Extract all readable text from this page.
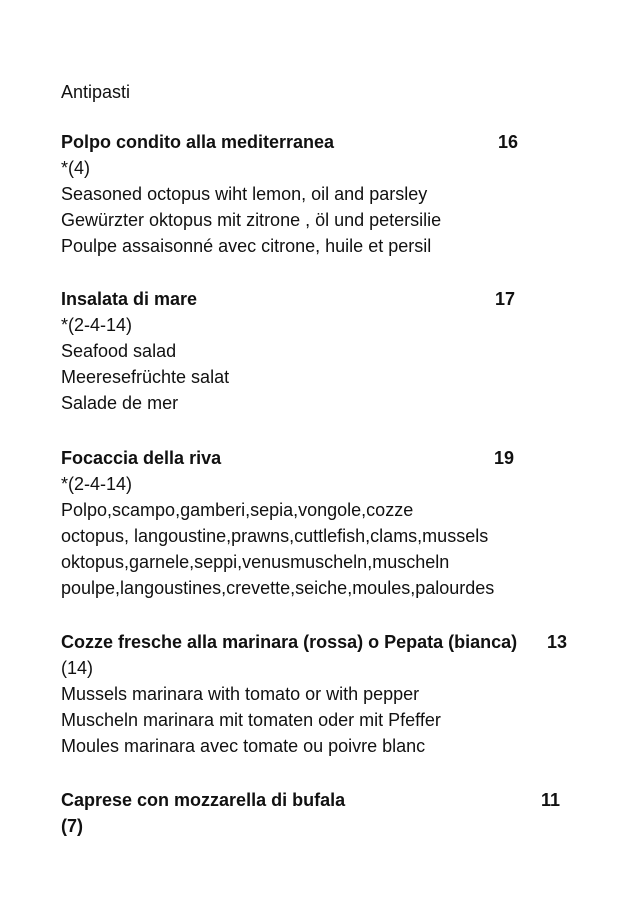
Antipasti
Polpo condito alla mediterranea	16
*(4)
Seasoned octopus wiht lemon, oil and parsley
Gewürzter oktopus mit zitrone , öl und petersilie
Poulpe assaisonné avec citrone, huile et persil
Insalata di mare	17
*(2-4-14)
Seafood salad
Meeresefrüchte salat
Salade de mer
Focaccia della riva	19
*(2-4-14)
Polpo,scampo,gamberi,sepia,vongole,cozze
octopus, langoustine,prawns,cuttlefish,clams,mussels
oktopus,garnele,seppi,venusmuscheln,muscheln
poulpe,langoustines,crevette,seiche,moules,palourdes
Cozze fresche alla marinara (rossa) o Pepata (bianca) 13
(14)
Mussels marinara with tomato or with pepper
Muscheln marinara mit tomaten oder mit Pfeffer
Moules marinara avec tomate ou poivre blanc
Caprese con mozzarella di bufala	11
(7)
